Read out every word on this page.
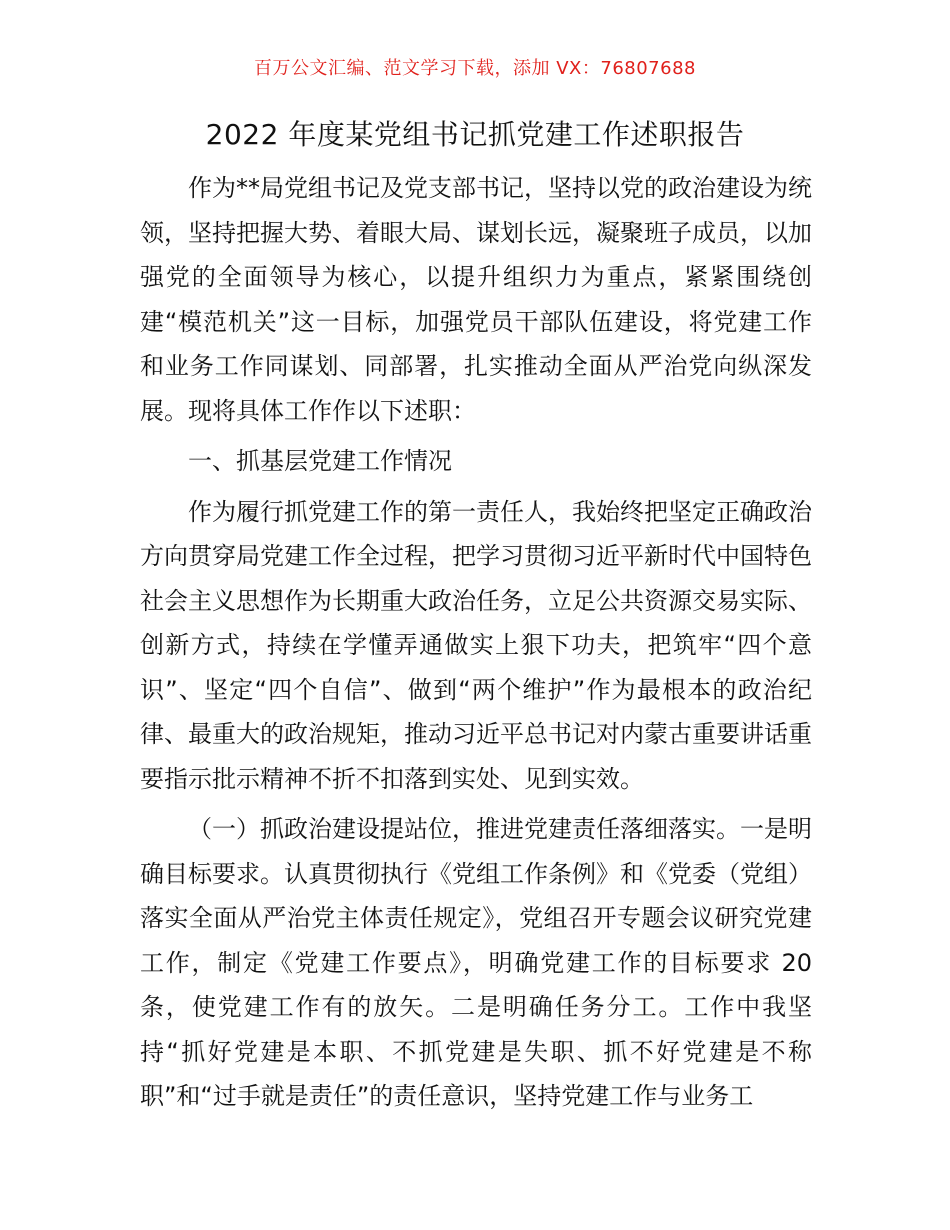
百万公文汇编、范文学习下载，添加 VX：76807688
2022 年度某党组书记抓党建工作述职报告

作为**局党组书记及党支部书记，坚持以党的政治建设为统领，坚持把握大势、着眼大局、谋划长远，凝聚班子成员，以加强党的全面领导为核心，以提升组织力为重点，紧紧围绕创建“模范机关”这一目标，加强党员干部队伍建设，将党建工作和业务工作同谋划、同部署，扎实推动全面从严治党向纵深发展。现将具体工作作以下述职：

一、抓基层党建工作情况

作为履行抓党建工作的第一责任人，我始终把坚定正确政治方向贯穿局党建工作全过程，把学习贯彻习近平新时代中国特色社会主义思想作为长期重大政治任务，立足公共资源交易实际、创新方式，持续在学懂弄通做实上狠下功夫，把筑牢“四个意识”、坚定“四个自信”、做到“两个维护”作为最根本的政治纪律、最重大的政治规矩，推动习近平总书记对内蒙古重要讲话重要指示批示精神不折不扣落到实处、见到实效。

（一）抓政治建设提站位，推进党建责任落细落实。一是明确目标要求。认真贯彻执行《党组工作条例》和《党委（党组）落实全面从严治党主体责任规定》，党组召开专题会议研究党建工作，制定《党建工作要点》，明确党建工作的目标要求 20 条，使党建工作有的放矢。二是明确任务分工。工作中我坚持“抓好党建是本职、不抓党建是失职、抓不好党建是不称职”和“过手就是责任”的责任意识，坚持党建工作与业务工
